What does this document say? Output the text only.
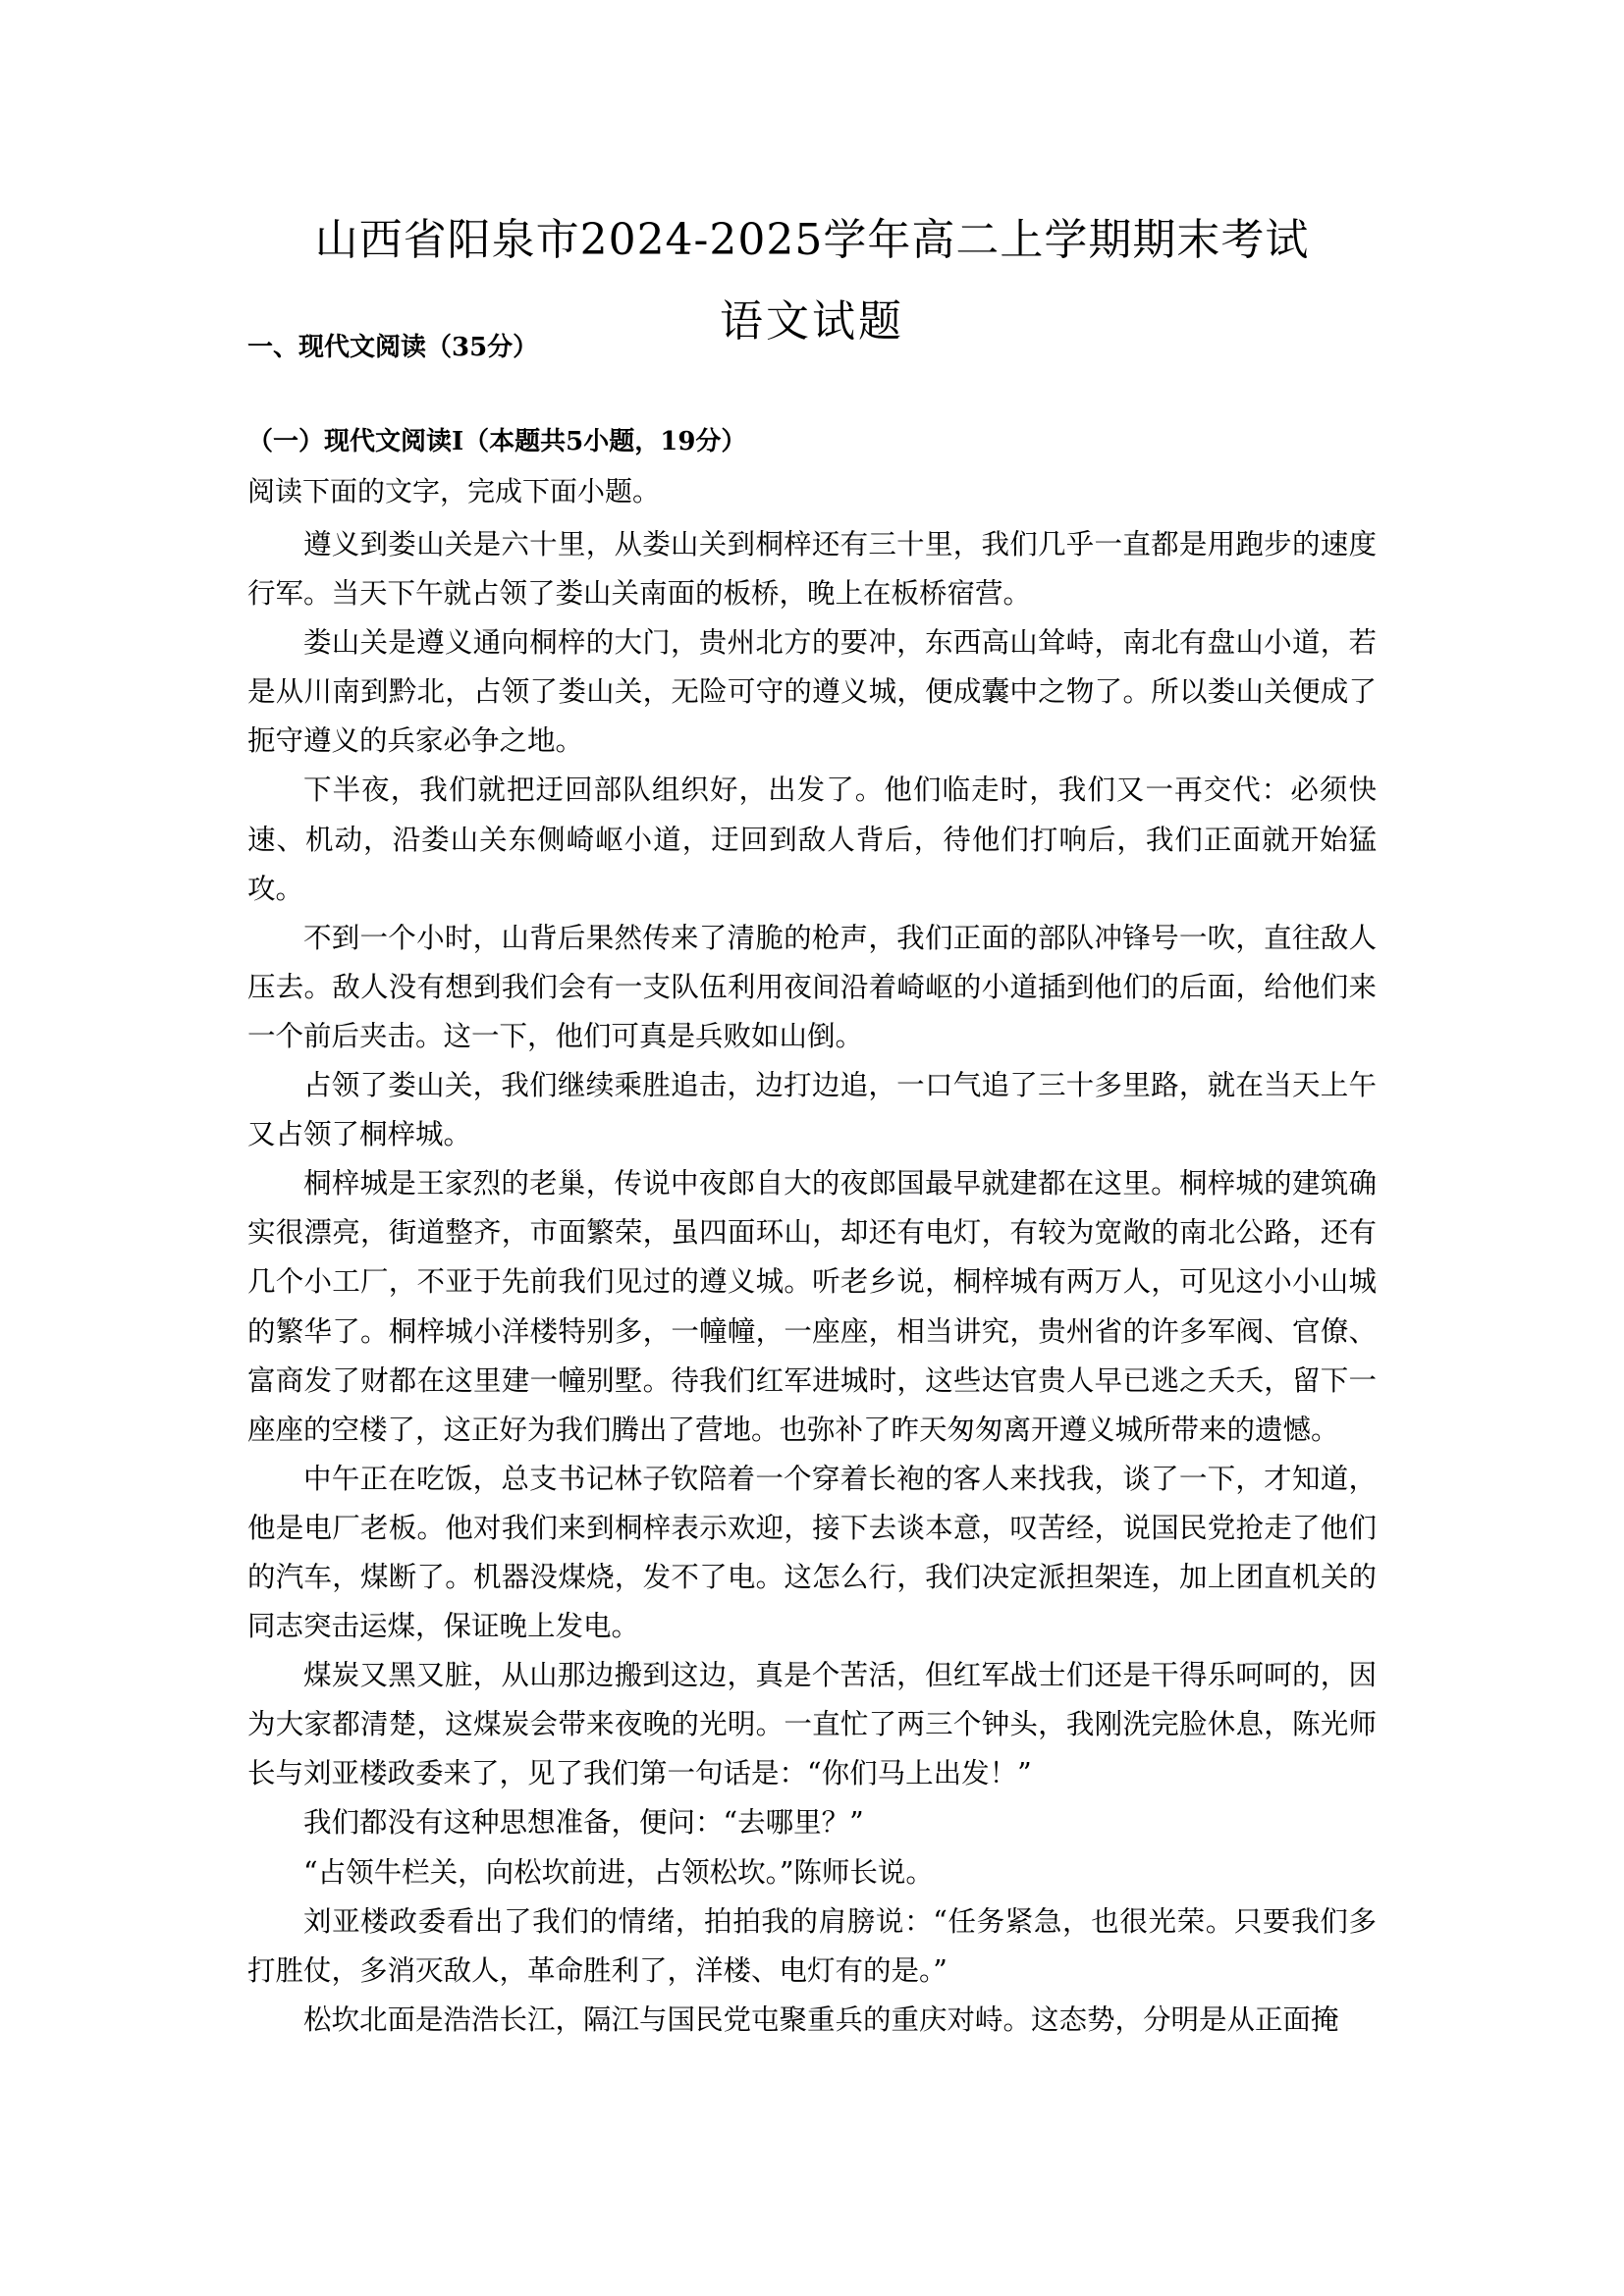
山西省阳泉市2024-2025学年高二上学期期末考试
语文试题
一、现代文阅读（35分）
（一）现代文阅读Ⅰ（本题共5小题，19分）
阅读下面的文字，完成下面小题。

遵义到娄山关是六十里，从娄山关到桐梓还有三十里，我们几乎一直都是用跑步的速度行军。当天下午就占领了娄山关南面的板桥，晚上在板桥宿营。

娄山关是遵义通向桐梓的大门，贵州北方的要冲，东西高山耸峙，南北有盘山小道，若是从川南到黔北，占领了娄山关，无险可守的遵义城，便成囊中之物了。所以娄山关便成了扼守遵义的兵家必争之地。

下半夜，我们就把迂回部队组织好，出发了。他们临走时，我们又一再交代：必须快速、机动，沿娄山关东侧崎岖小道，迂回到敌人背后，待他们打响后，我们正面就开始猛攻。

不到一个小时，山背后果然传来了清脆的枪声，我们正面的部队冲锋号一吹，直往敌人压去。敌人没有想到我们会有一支队伍利用夜间沿着崎岖的小道插到他们的后面，给他们来一个前后夹击。这一下，他们可真是兵败如山倒。

占领了娄山关，我们继续乘胜追击，边打边追，一口气追了三十多里路，就在当天上午又占领了桐梓城。

桐梓城是王家烈的老巢，传说中夜郎自大的夜郎国最早就建都在这里。桐梓城的建筑确实很漂亮，街道整齐，市面繁荣，虽四面环山，却还有电灯，有较为宽敞的南北公路，还有几个小工厂，不亚于先前我们见过的遵义城。听老乡说，桐梓城有两万人，可见这小小山城的繁华了。桐梓城小洋楼特别多，一幢幢，一座座，相当讲究，贵州省的许多军阀、官僚、富商发了财都在这里建一幢别墅。待我们红军进城时，这些达官贵人早已逃之夭夭，留下一座座的空楼了，这正好为我们腾出了营地。也弥补了昨天匆匆离开遵义城所带来的遗憾。

中午正在吃饭，总支书记林子钦陪着一个穿着长袍的客人来找我，谈了一下，才知道，他是电厂老板。他对我们来到桐梓表示欢迎，接下去谈本意，叹苦经，说国民党抢走了他们的汽车，煤断了。机器没煤烧，发不了电。这怎么行，我们决定派担架连，加上团直机关的同志突击运煤，保证晚上发电。

煤炭又黑又脏，从山那边搬到这边，真是个苦活，但红军战士们还是干得乐呵呵的，因为大家都清楚，这煤炭会带来夜晚的光明。一直忙了两三个钟头，我刚洗完脸休息，陈光师长与刘亚楼政委来了，见了我们第一句话是：“你们马上出发！”

我们都没有这种思想准备，便问：“去哪里？”

“占领牛栏关，向松坎前进，占领松坎。”陈师长说。

刘亚楼政委看出了我们的情绪，拍拍我的肩膀说：“任务紧急，也很光荣。只要我们多打胜仗，多消灭敌人，革命胜利了，洋楼、电灯有的是。”

松坎北面是浩浩长江，隔江与国民党屯聚重兵的重庆对峙。这态势，分明是从正面掩
